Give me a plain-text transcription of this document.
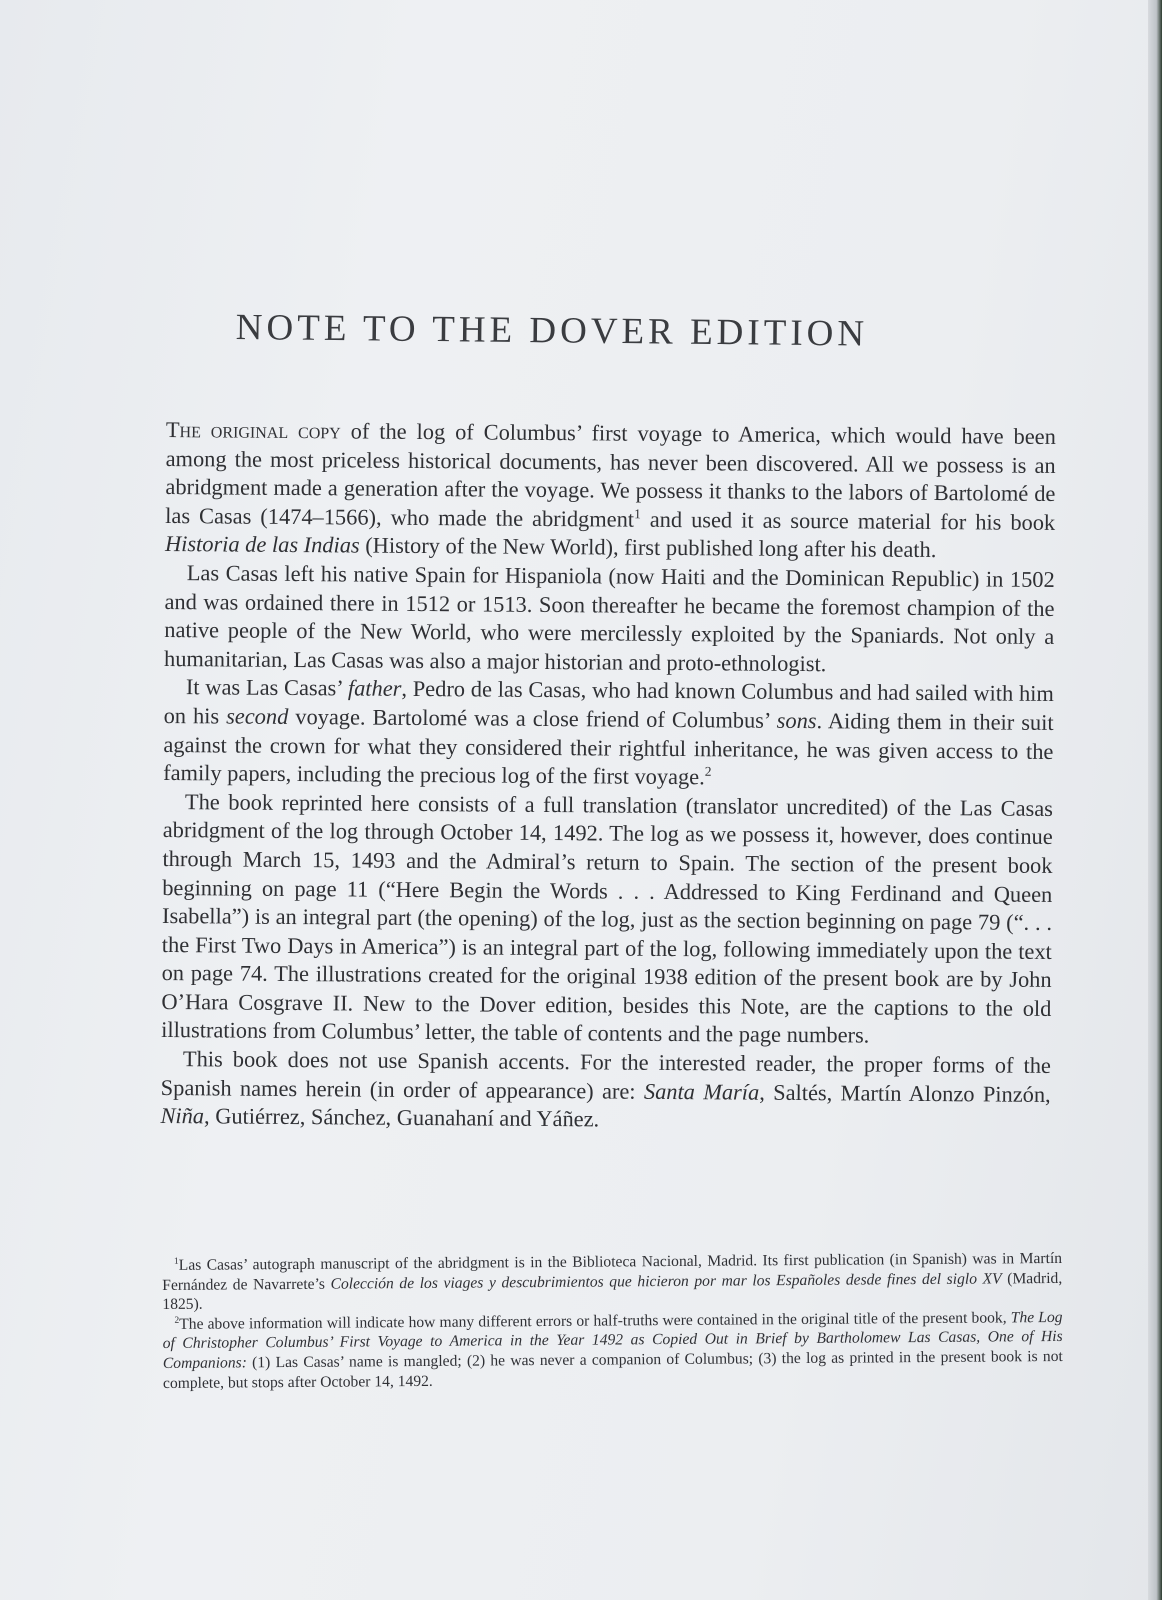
NOTE TO THE DOVER EDITION

The original copy of the log of Columbus’ first voyage to America, which would have been among the most priceless historical documents, has never been discovered. All we possess is an abridgment made a generation after the voyage. We possess it thanks to the labors of Bartolomé de las Casas (1474–1566), who made the abridgment$^1$ and used it as source material for his book Historia de las Indias (History of the New World), first published long after his death.

Las Casas left his native Spain for Hispaniola (now Haiti and the Dominican Republic) in 1502 and was ordained there in 1512 or 1513. Soon thereafter he became the foremost champion of the native people of the New World, who were mercilessly exploited by the Spaniards. Not only a humanitarian, Las Casas was also a major historian and proto-ethnologist.

It was Las Casas’ father, Pedro de las Casas, who had known Columbus and had sailed with him on his second voyage. Bartolomé was a close friend of Columbus’ sons. Aiding them in their suit against the crown for what they considered their rightful inheritance, he was given access to the family papers, including the precious log of the first voyage.$^2$

The book reprinted here consists of a full translation (translator uncredited) of the Las Casas abridgment of the log through October 14, 1492. The log as we possess it, however, does continue through March 15, 1493 and the Admiral’s return to Spain. The section of the present book beginning on page 11 (“Here Begin the Words . . . Addressed to King Ferdinand and Queen Isabella”) is an integral part (the opening) of the log, just as the section beginning on page 79 (“. . . the First Two Days in America”) is an integral part of the log, following immediately upon the text on page 74. The illustrations created for the original 1938 edition of the present book are by John O’Hara Cosgrave II. New to the Dover edition, besides this Note, are the captions to the old illustrations from Columbus’ letter, the table of contents and the page numbers.

This book does not use Spanish accents. For the interested reader, the proper forms of the Spanish names herein (in order of appearance) are: Santa María, Saltés, Martín Alonzo Pinzón, Niña, Gutiérrez, Sánchez, Guanahaní and Yáñez.

$^1$Las Casas’ autograph manuscript of the abridgment is in the Biblioteca Nacional, Madrid. Its first publication (in Spanish) was in Martín Fernández de Navarrete’s Colección de los viages y descubrimientos que hicieron por mar los Españoles desde fines del siglo XV (Madrid, 1825).

$^2$The above information will indicate how many different errors or half-truths were contained in the original title of the present book, The Log of Christopher Columbus’ First Voyage to America in the Year 1492 as Copied Out in Brief by Bartholomew Las Casas, One of His Companions: (1) Las Casas’ name is mangled; (2) he was never a companion of Columbus; (3) the log as printed in the present book is not complete, but stops after October 14, 1492.
